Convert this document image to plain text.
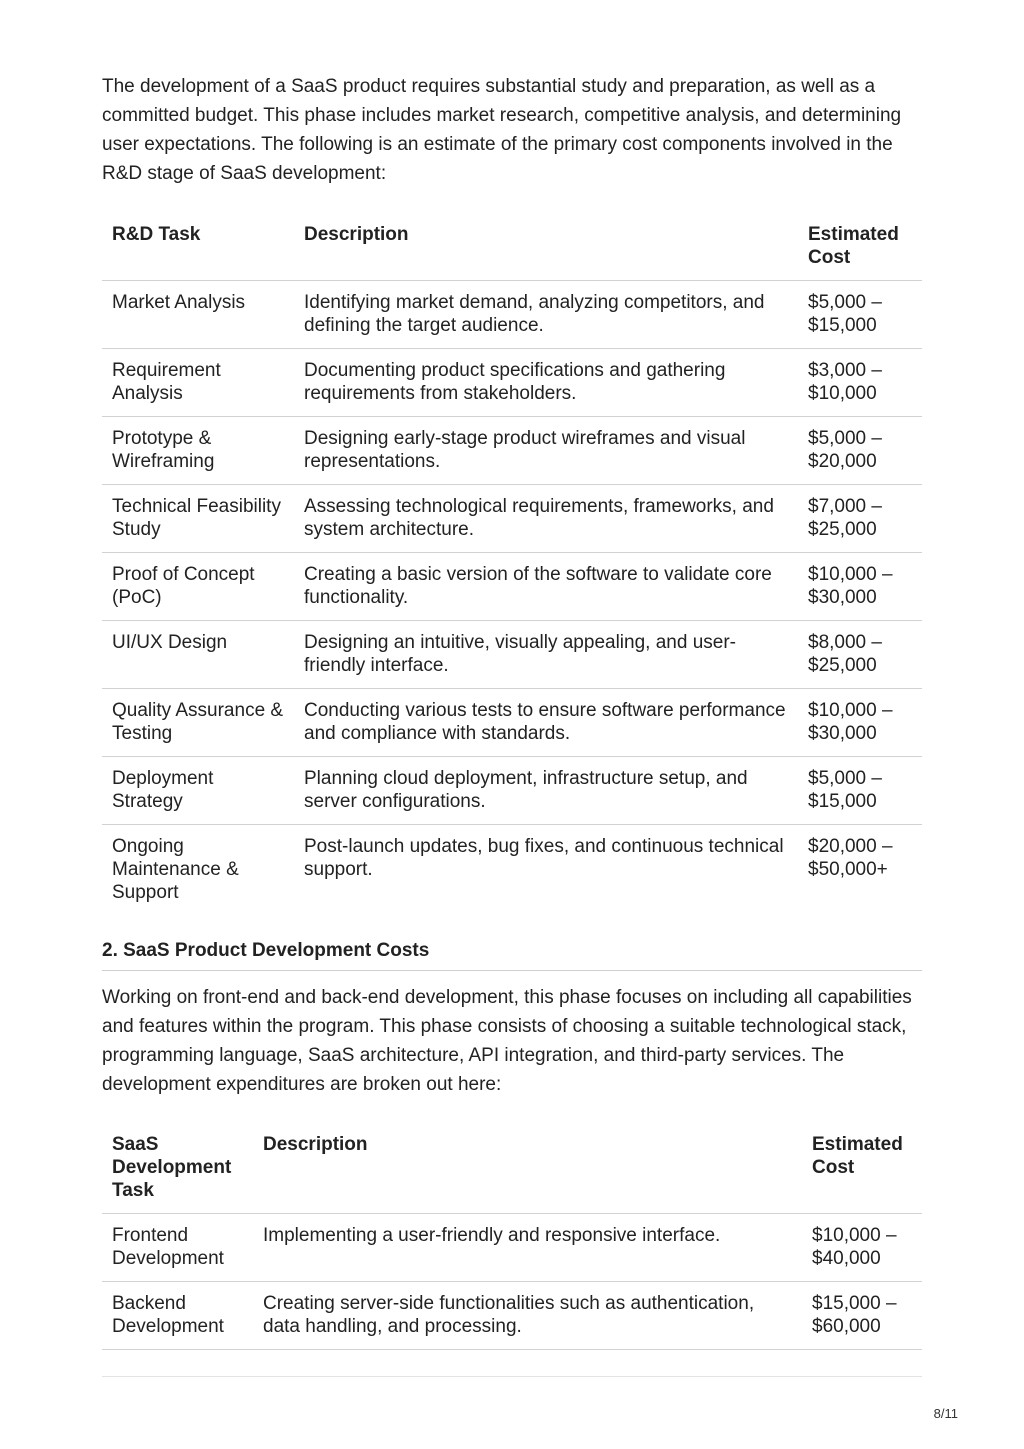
The development of a SaaS product requires substantial study and preparation, as well as a committed budget. This phase includes market research, competitive analysis, and determining user expectations. The following is an estimate of the primary cost components involved in the R&D stage of SaaS development:

R&D Task	Description	Estimated Cost
Market Analysis	Identifying market demand, analyzing competitors, and defining the target audience.	$5,000 – $15,000
Requirement Analysis	Documenting product specifications and gathering requirements from stakeholders.	$3,000 – $10,000
Prototype & Wireframing	Designing early-stage product wireframes and visual representations.	$5,000 – $20,000
Technical Feasibility Study	Assessing technological requirements, frameworks, and system architecture.	$7,000 – $25,000
Proof of Concept (PoC)	Creating a basic version of the software to validate core functionality.	$10,000 – $30,000
UI/UX Design	Designing an intuitive, visually appealing, and user-friendly interface.	$8,000 – $25,000
Quality Assurance & Testing	Conducting various tests to ensure software performance and compliance with standards.	$10,000 – $30,000
Deployment Strategy	Planning cloud deployment, infrastructure setup, and server configurations.	$5,000 – $15,000
Ongoing Maintenance & Support	Post-launch updates, bug fixes, and continuous technical support.	$20,000 – $50,000+
2. SaaS Product Development Costs

Working on front-end and back-end development, this phase focuses on including all capabilities and features within the program. This phase consists of choosing a suitable technological stack, programming language, SaaS architecture, API integration, and third-party services. The development expenditures are broken out here:

SaaS Development Task	Description	Estimated Cost
Frontend Development	Implementing a user-friendly and responsive interface.	$10,000 – $40,000
Backend Development	Creating server-side functionalities such as authentication, data handling, and processing.	$15,000 – $60,000
8/11
